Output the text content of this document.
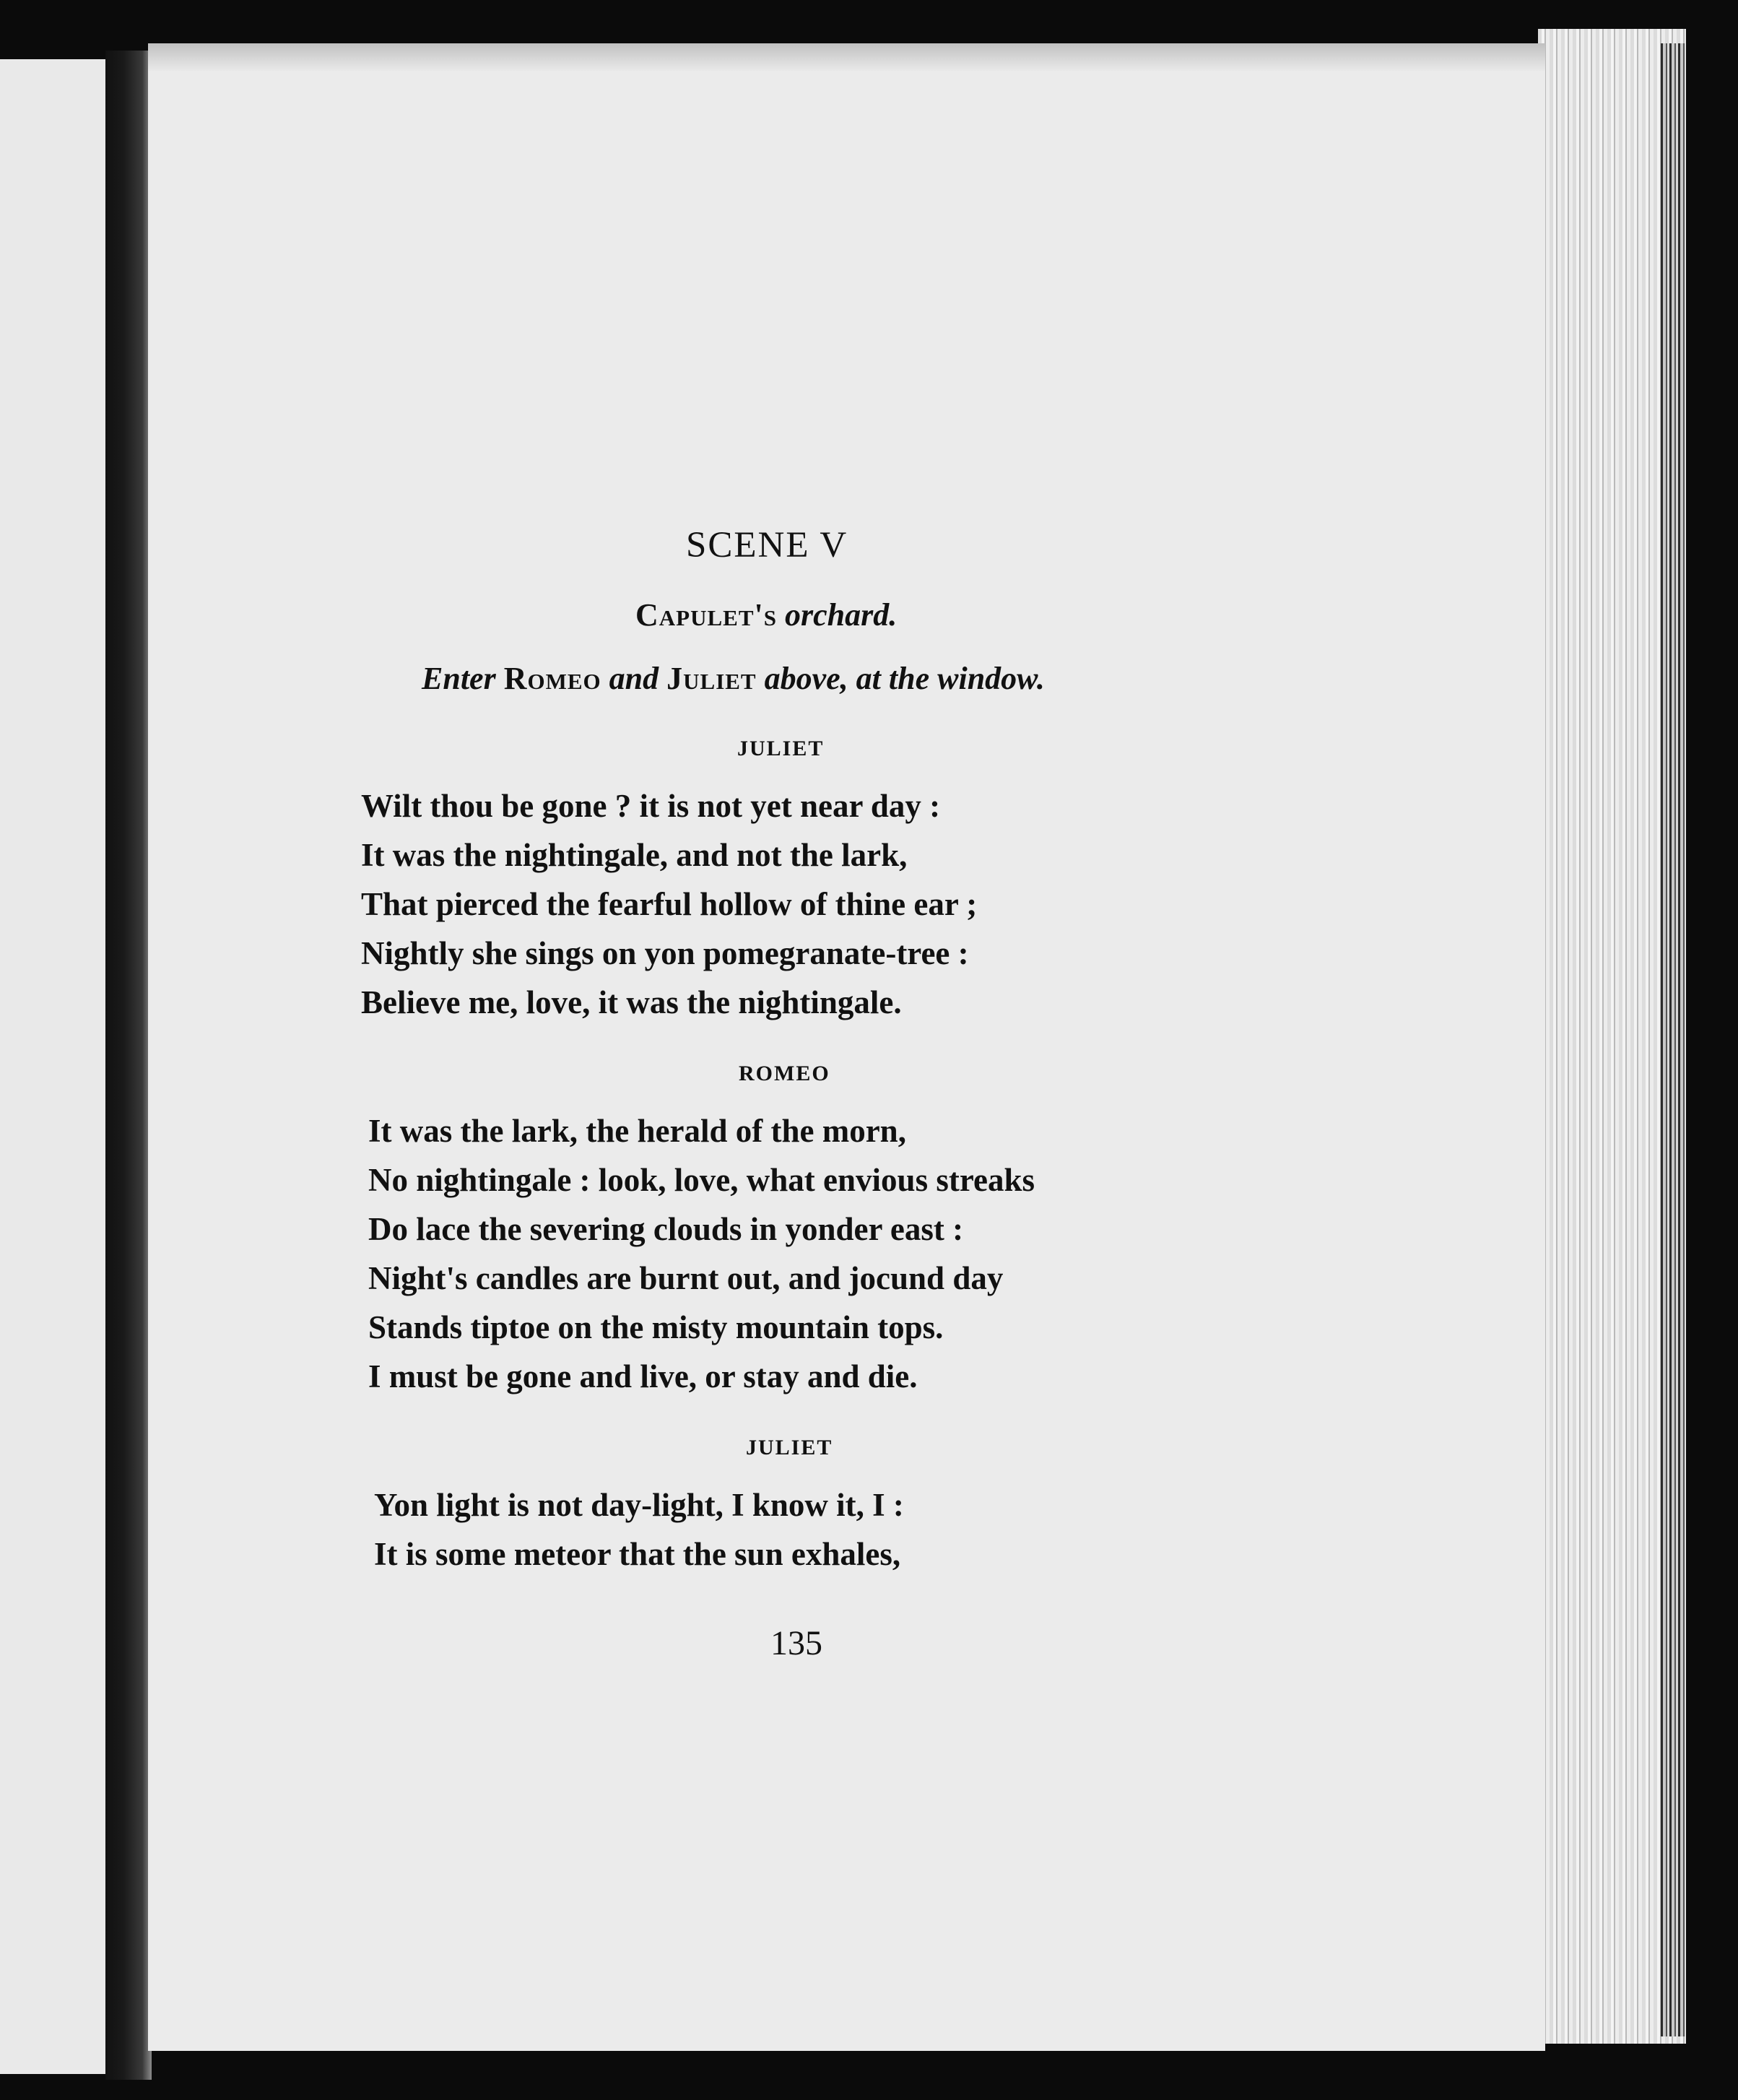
SCENE V
Capulet's orchard.
Enter Romeo and Juliet above, at the window.
JULIET
Wilt thou be gone ? it is not yet near day :
It was the nightingale, and not the lark,
That pierced the fearful hollow of thine ear ;
Nightly she sings on yon pomegranate-tree :
Believe me, love, it was the nightingale.
ROMEO
It was the lark, the herald of the morn,
No nightingale : look, love, what envious streaks
Do lace the severing clouds in yonder east :
Night's candles are burnt out, and jocund day
Stands tiptoe on the misty mountain tops.
I must be gone and live, or stay and die.
JULIET
Yon light is not day-light, I know it, I :
It is some meteor that the sun exhales,
135
